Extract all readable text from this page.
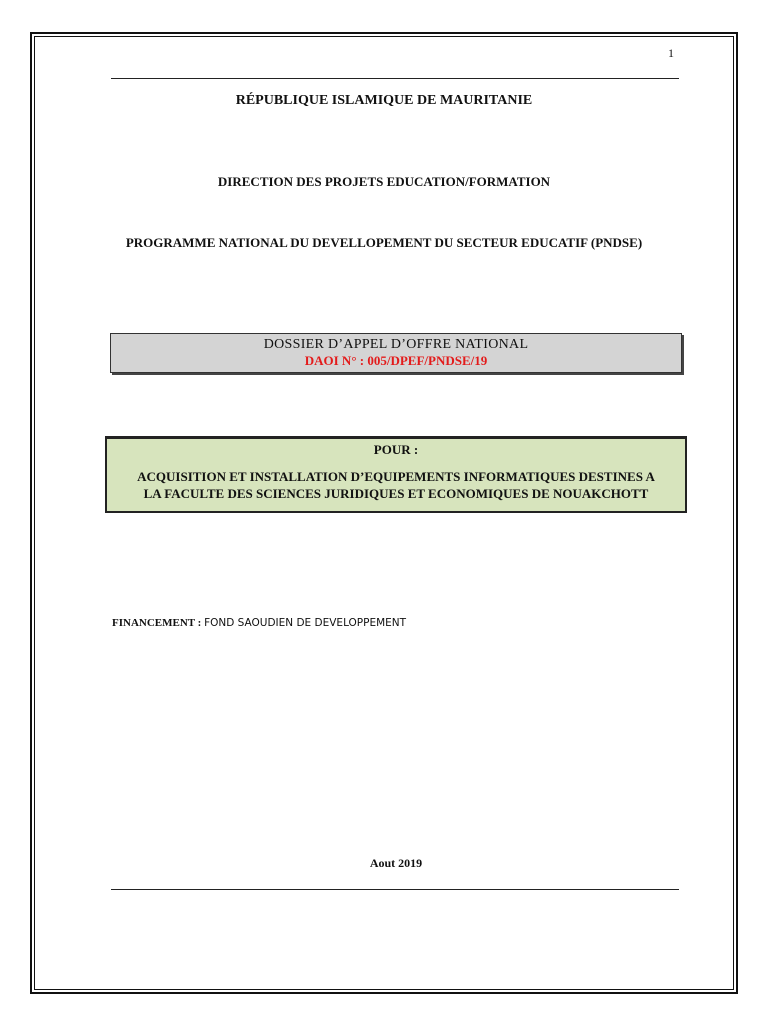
1
RÉPUBLIQUE ISLAMIQUE DE MAURITANIE
DIRECTION DES PROJETS EDUCATION/FORMATION
PROGRAMME NATIONAL DU DEVELLOPEMENT DU SECTEUR EDUCATIF (PNDSE)
DOSSIER D’APPEL D’OFFRE NATIONAL
DAOI N° : 005/DPEF/PNDSE/19
POUR :
ACQUISITION ET INSTALLATION D’EQUIPEMENTS INFORMATIQUES DESTINES A
LA FACULTE DES SCIENCES JURIDIQUES ET ECONOMIQUES DE NOUAKCHOTT
FINANCEMENT : FOND SAOUDIEN DE DEVELOPPEMENT
Aout 2019
